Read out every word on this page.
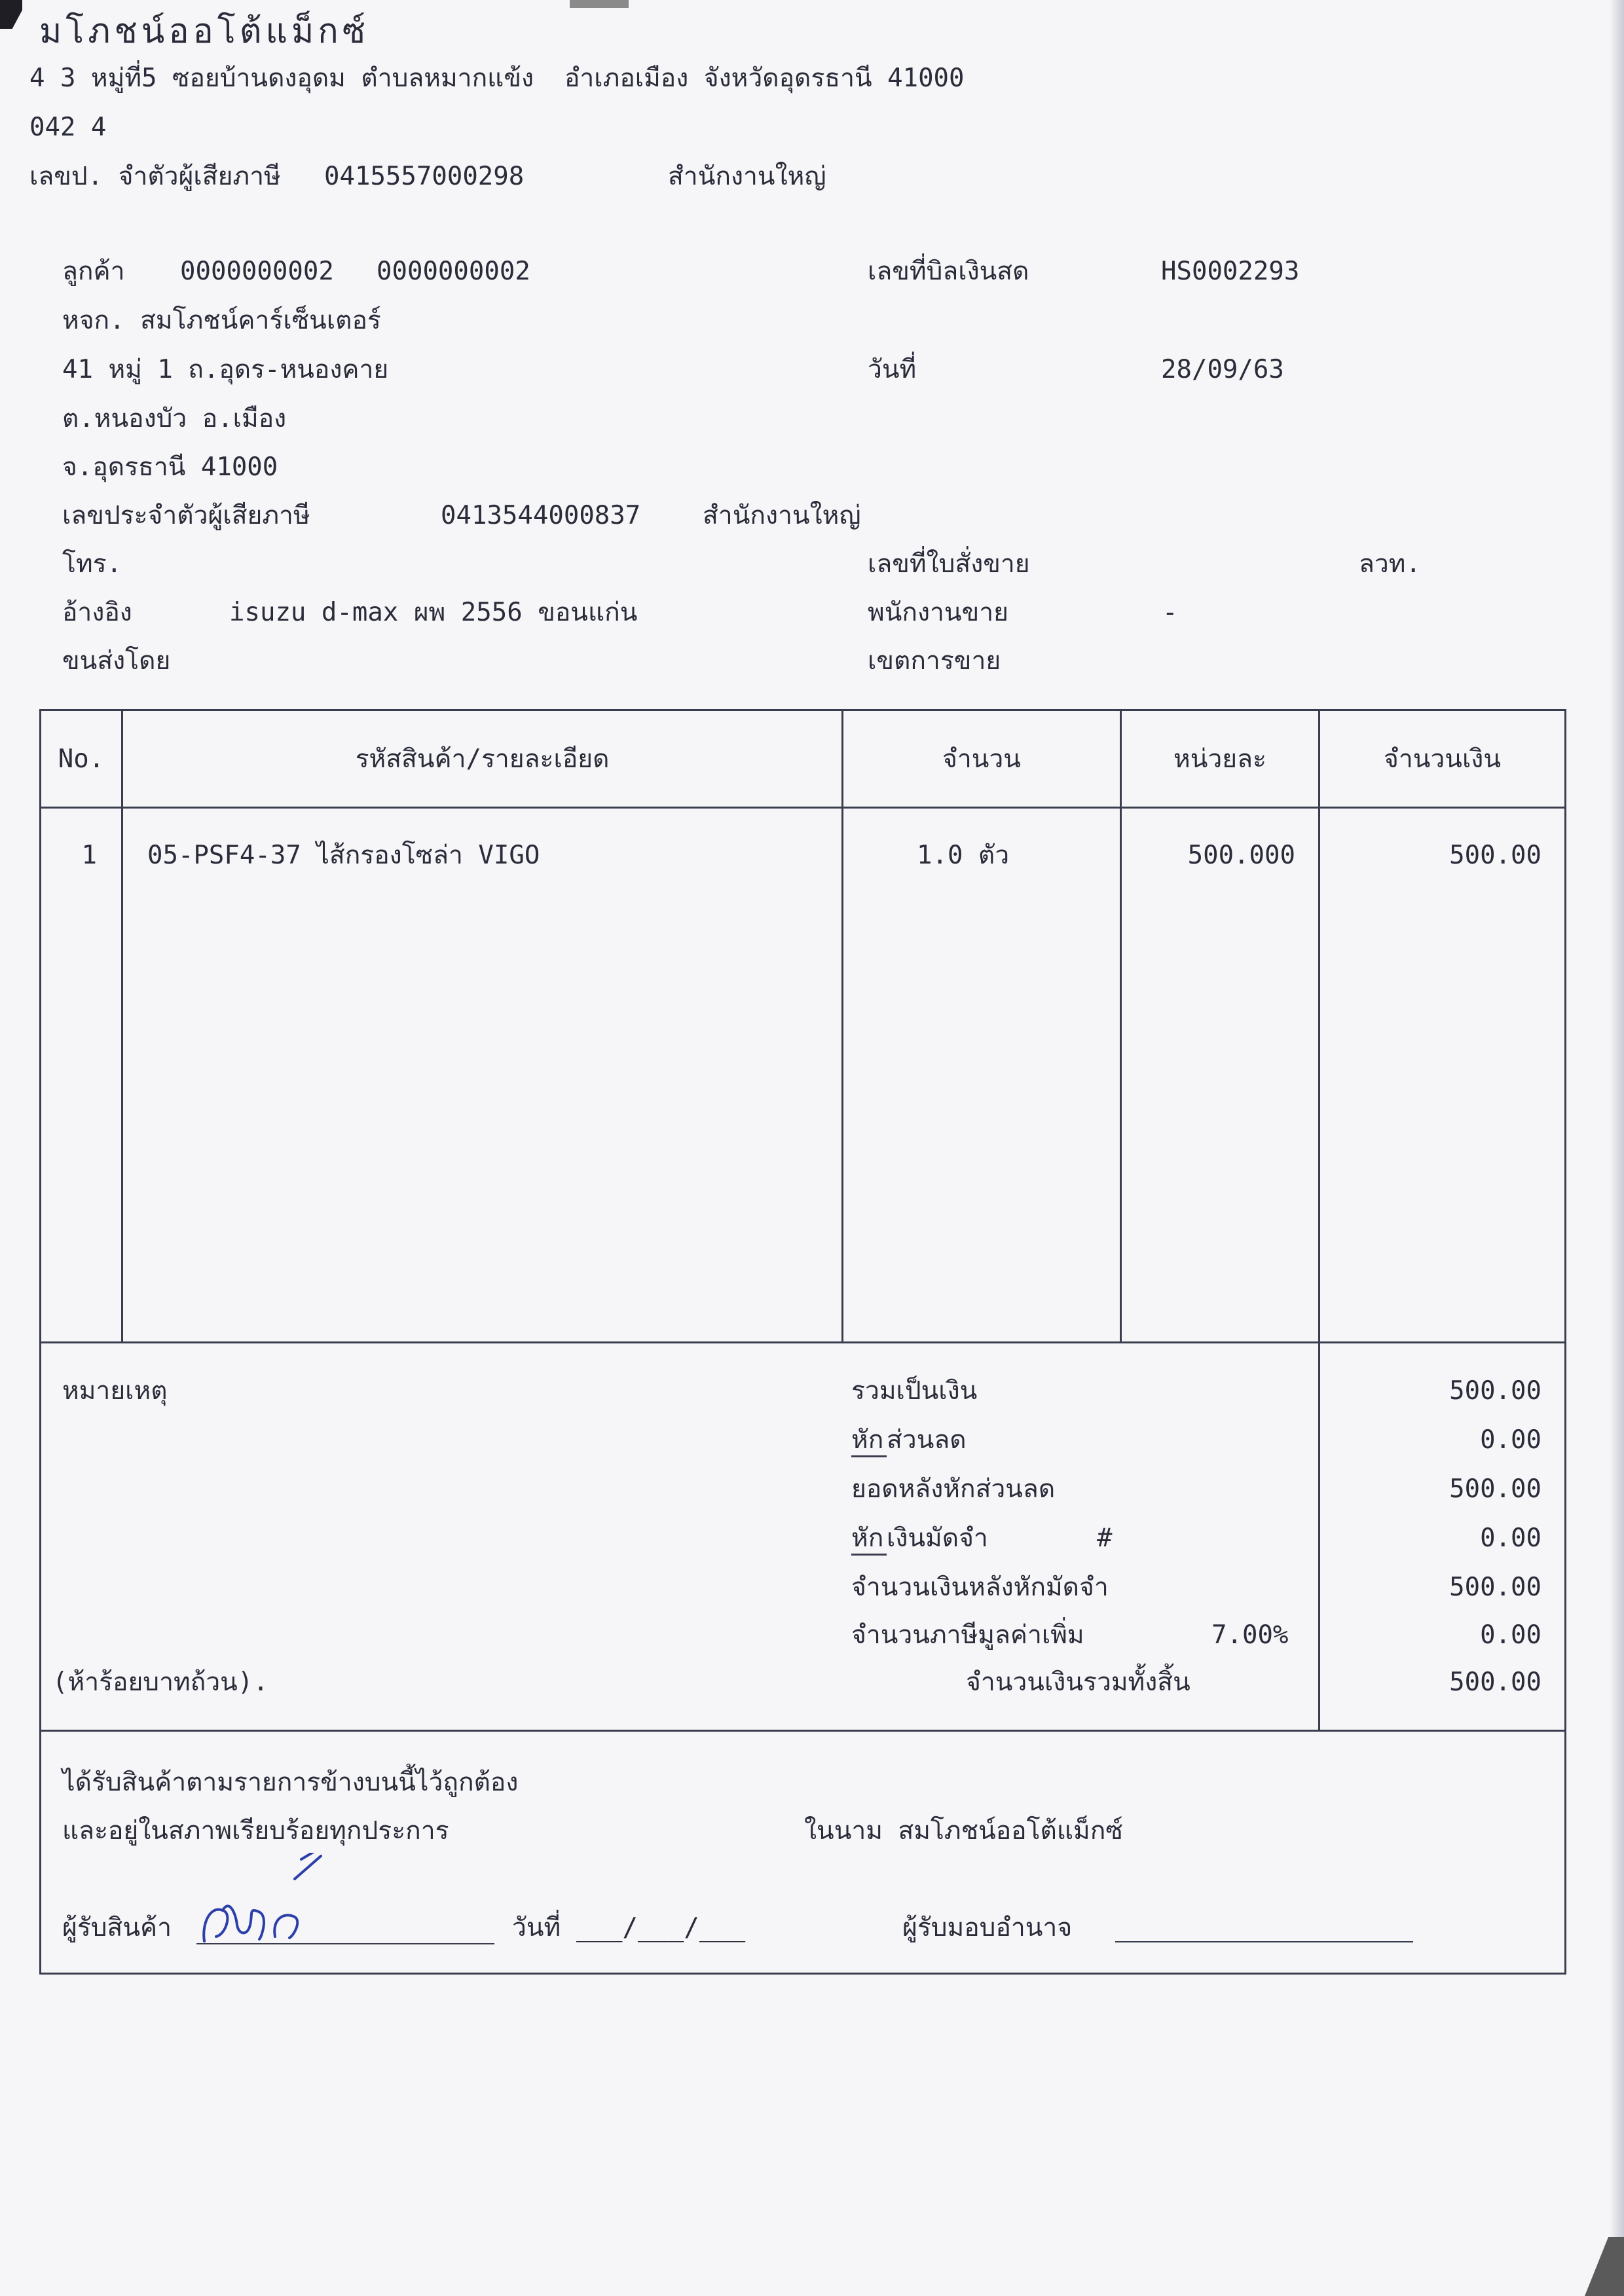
มโภชน์ออโต้แม็กซ์
4 3 หมู่ที่5 ซอยบ้านดงอุดม ตำบลหมากแข้ง  อำเภอเมือง จังหวัดอุดรธานี 41000
042 4
เลขป. จำตัวผู้เสียภาษี 0415557000298	สำนักงานใหญ่
ลูกค้า 0000000002 0000000002
หจก. สมโภชน์คาร์เซ็นเตอร์
41 หมู่ 1 ถ.อุดร-หนองคาย
ต.หนองบัว อ.เมือง
จ.อุดรธานี 41000
เลขประจำตัวผู้เสียภาษี	0413544000837 สำนักงานใหญ่
โทร.
อ้างอิง	isuzu d-max ผพ 2556 ขอนแก่น
ขนส่งโดย
เลขที่บิลเงินสด	HS0002293
วันที่	28/09/63
เลขที่ใบสั่งขาย	ลวท.
พนักงานขาย	-
เขตการขาย
No.	รหัสสินค้า/รายละเอียด	จำนวน	หน่วยละ	จำนวนเงิน
1 05-PSF4-37 ไส้กรองโซล่า VIGO	1.0 ตัว	500.000	500.00
หมายเหตุ
(ห้าร้อยบาทถ้วน).
รวมเป็นเงิน	500.00
หัก ส่วนลด	0.00
ยอดหลังหักส่วนลด	500.00
หัก เงินมัดจำ	#	0.00
จำนวนเงินหลังหักมัดจำ	500.00
จำนวนภาษีมูลค่าเพิ่ม	7.00%	0.00
จำนวนเงินรวมทั้งสิ้น	500.00
ได้รับสินค้าตามรายการข้างบนนี้ไว้ถูกต้อง
และอยู่ในสภาพเรียบร้อยทุกประการ	ในนาม สมโภชน์ออโต้แม็กซ์
ผู้รับสินค้า	วันที่ ___/___/___	ผู้รับมอบอำนาจ
